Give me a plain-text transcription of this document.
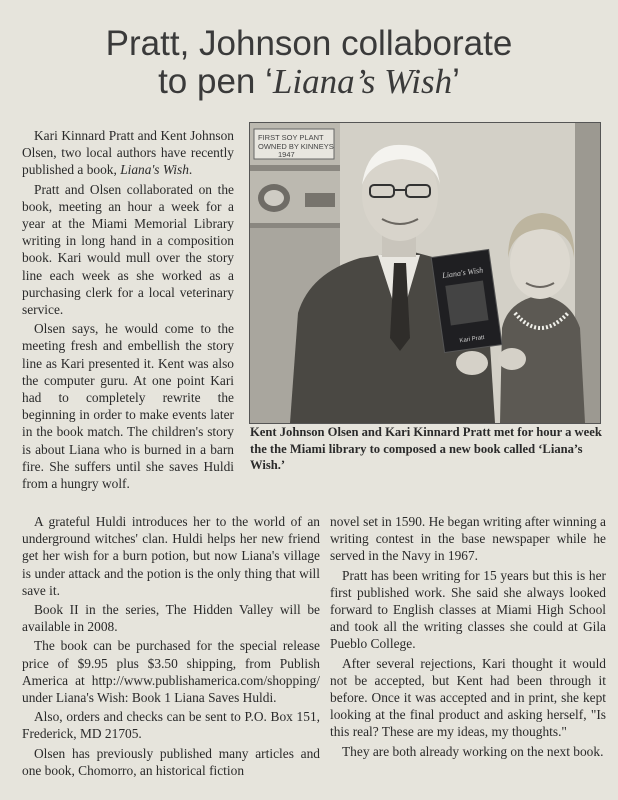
Pratt, Johnson collaborate
to pen ‘Liana’s Wish’

Kari Kinnard Pratt and Kent Johnson Olsen, two local authors have recently published a book, Liana's Wish.

Pratt and Olsen collaborated on the book, meeting an hour a week for a year at the Miami Memorial Library writing in long hand in a composition book. Kari would mull over the story line each week as she worked as a purchasing clerk for a local veterinary service.

Olsen says, he would come to the meeting fresh and embellish the story line as Kari presented it. Kent was also the computer guru. At one point Kari had to completely rewrite the beginning in order to make events later in the book match. The children's story is about Liana who is burned in a barn fire. She suffers until she saves Huldi from a hungry wolf.

FIRST SOY PLANT
OWNED BY KINNEYS
1947
Liana's Wish
Kari Pratt
Kent Johnson Olsen and Kari Kinnard Pratt met for hour a week the the Miami library to composed a new book called ‘Liana’s Wish.’

A grateful Huldi introduces her to the world of an underground witches' clan. Huldi helps her new friend get her wish for a burn potion, but now Liana's village is under attack and the potion is the only thing that will save it.

Book II in the series, The Hidden Valley will be available in 2008.

The book can be purchased for the special release price of $9.95 plus $3.50 shipping, from Publish America at http://www.publishamerica.com/shopping/ under Liana's Wish: Book 1 Liana Saves Huldi.

Also, orders and checks can be sent to P.O. Box 151, Frederick, MD 21705.

Olsen has previously published many articles and one book, Chomorro, an historical fiction

novel set in 1590. He began writing after winning a writing contest in the base newspaper while he served in the Navy in 1967.

Pratt has been writing for 15 years but this is her first published work. She said she always looked forward to English classes at Miami High School and took all the writing classes she could at Gila Pueblo College.

After several rejections, Kari thought it would not be accepted, but Kent had been through it before. Once it was accepted and in print, she kept looking at the final product and asking herself, "Is this real? These are my ideas, my thoughts."

They are both already working on the next book.
